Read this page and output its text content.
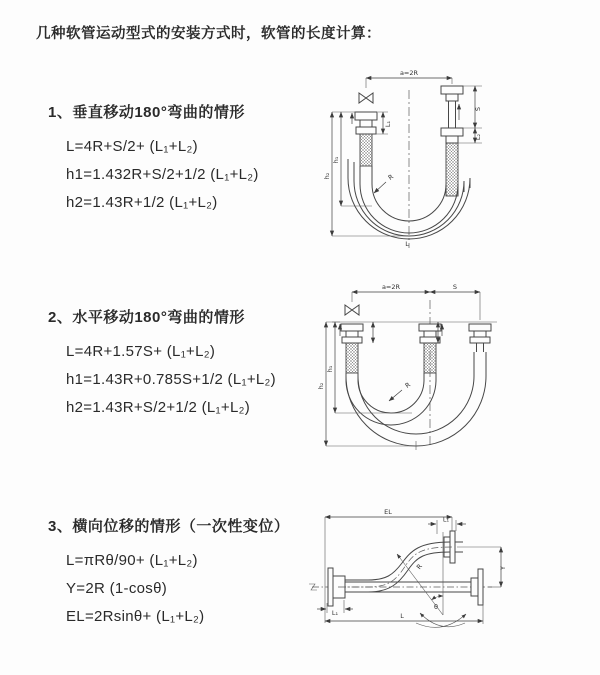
几种软管运动型式的安装方式时，软管的长度计算：
1、垂直移动180°弯曲的情形
L=4R+S/2+ (L₁+L₂)
h1=1.432R+S/2+1/2 (L₁+L₂)
h2=1.43R+1/2 (L₁+L₂)
a=2R
L₁
S
L₂
h₁
h₂	R
L
2、水平移动180°弯曲的情形
L=4R+1.57S+ (L₁+L₂)
h1=1.43R+0.785S+1/2 (L₁+L₂)
h2=1.43R+S/2+1/2 (L₁+L₂)
a=2R	S
h₁
h₂	R
3、横向位移的情形（一次性变位）
L=πRθ/90+ (L₁+L₂)
Y=2R (1-cosθ)
EL=2Rsinθ+ (L₁+L₂)
EL
L₁
Y
θ
R
L₁	L
